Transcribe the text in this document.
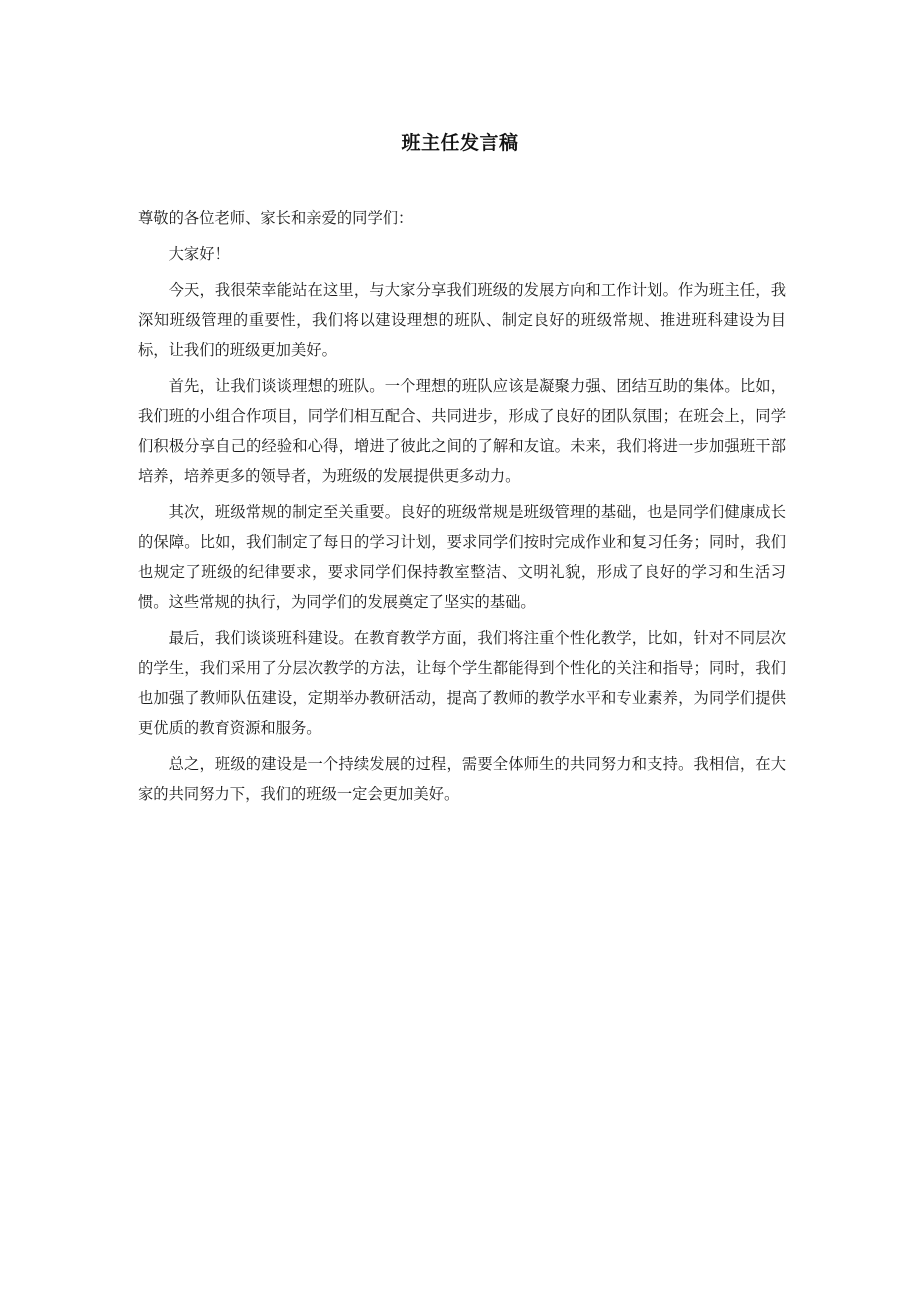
班主任发言稿

尊敬的各位老师、家长和亲爱的同学们：

大家好！

今天，我很荣幸能站在这里，与大家分享我们班级的发展方向和工作计划。作为班主任，我深知班级管理的重要性，我们将以建设理想的班队、制定良好的班级常规、推进班科建设为目标，让我们的班级更加美好。

首先，让我们谈谈理想的班队。一个理想的班队应该是凝聚力强、团结互助的集体。比如，我们班的小组合作项目，同学们相互配合、共同进步，形成了良好的团队氛围；在班会上，同学们积极分享自己的经验和心得，增进了彼此之间的了解和友谊。未来，我们将进一步加强班干部培养，培养更多的领导者，为班级的发展提供更多动力。

其次，班级常规的制定至关重要。良好的班级常规是班级管理的基础，也是同学们健康成长的保障。比如，我们制定了每日的学习计划，要求同学们按时完成作业和复习任务；同时，我们也规定了班级的纪律要求，要求同学们保持教室整洁、文明礼貌，形成了良好的学习和生活习惯。这些常规的执行，为同学们的发展奠定了坚实的基础。

最后，我们谈谈班科建设。在教育教学方面，我们将注重个性化教学，比如，针对不同层次的学生，我们采用了分层次教学的方法，让每个学生都能得到个性化的关注和指导；同时，我们也加强了教师队伍建设，定期举办教研活动，提高了教师的教学水平和专业素养，为同学们提供更优质的教育资源和服务。

总之，班级的建设是一个持续发展的过程，需要全体师生的共同努力和支持。我相信，在大家的共同努力下，我们的班级一定会更加美好。
